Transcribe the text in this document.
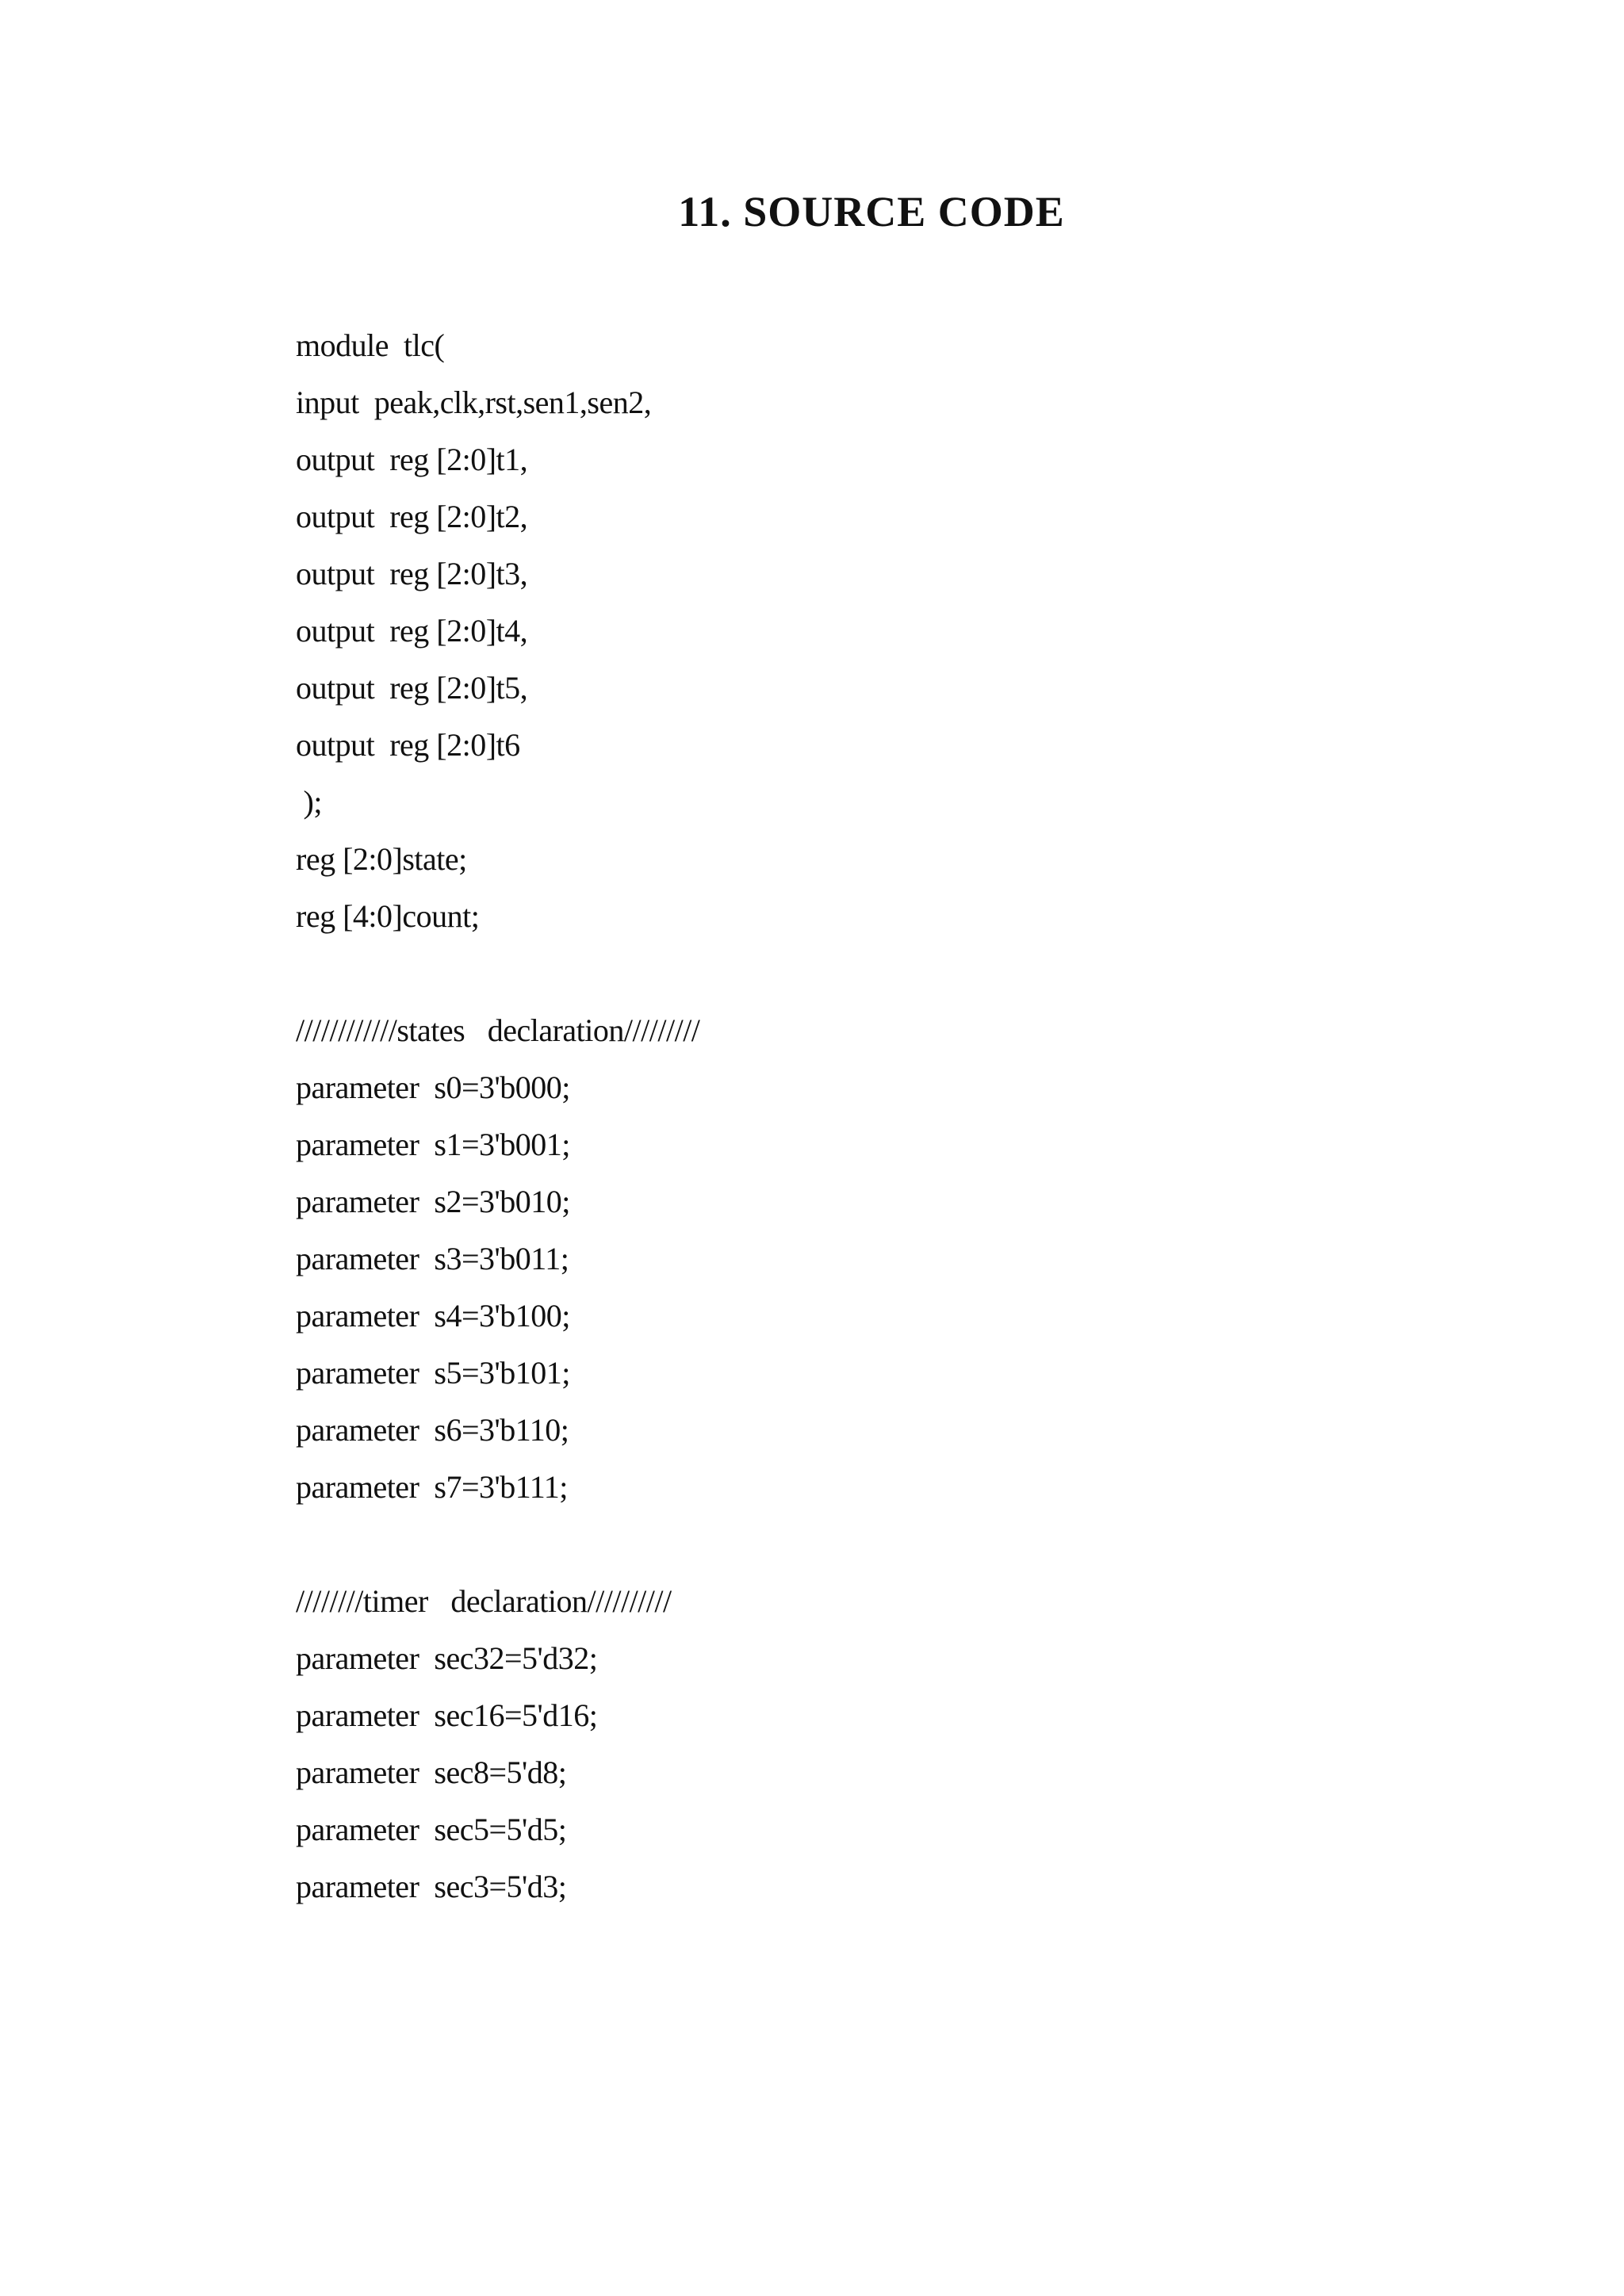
11. SOURCE CODE
module  tlc(
input  peak,clk,rst,sen1,sen2,
output  reg [2:0]t1,
output  reg [2:0]t2,
output  reg [2:0]t3,
output  reg [2:0]t4,
output  reg [2:0]t5,
output  reg [2:0]t6
);
reg [2:0]state;
reg [4:0]count;
////////////states   declaration/////////
parameter  s0=3'b000;
parameter  s1=3'b001;
parameter  s2=3'b010;
parameter  s3=3'b011;
parameter  s4=3'b100;
parameter  s5=3'b101;
parameter  s6=3'b110;
parameter  s7=3'b111;
////////timer   declaration//////////
parameter  sec32=5'd32;
parameter  sec16=5'd16;
parameter  sec8=5'd8;
parameter  sec5=5'd5;
parameter  sec3=5'd3;
